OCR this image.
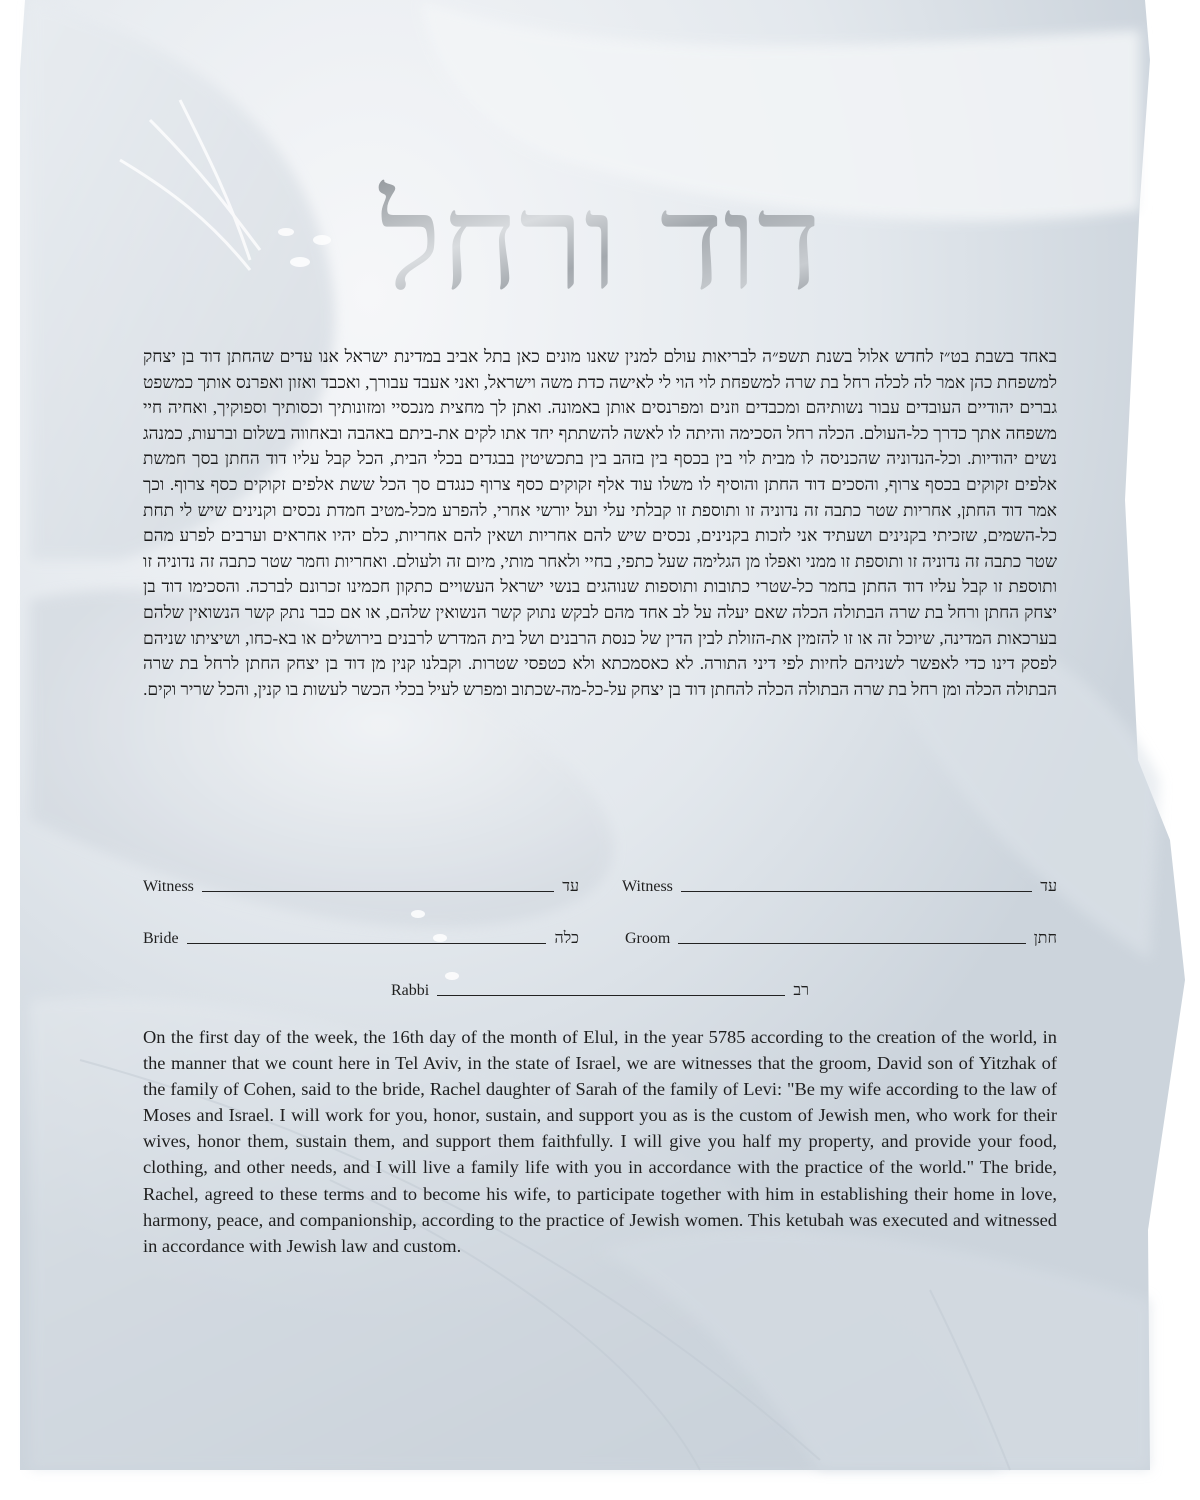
דוד ורחל
באחד בשבת בט״ז לחדש אלול בשנת תשפ״ה לבריאות עולם למנין שאנו מונים כאן בתל אביב במדינת ישראל אנו עדים שהחתן דוד בן יצחק למשפחת כהן אמר לה לכלה רחל בת שרה למשפחת לוי הוי לי לאישה כדת משה וישראל, ואני אעבד עבורך, ואכבד ואזון ואפרנס אותך כמשפט גברים יהודיים העובדים עבור נשותיהם ומכבדים וזנים ומפרנסים אותן באמונה. ואתן לך מחצית מנכסיי ומזונותיך וכסותיך וספוקיך, ואחיה חיי משפחה אתך כדרך כל-העולם. הכלה רחל הסכימה והיתה לו לאשה להשתתף יחד אתו לקים את-ביתם באהבה ובאחווה בשלום וברעות, כמנהג נשים יהודיות. וכל-הנדוניה שהכניסה לו מבית לוי בין בכסף בין בזהב בין בתכשיטין בבגדים בכלי הבית, הכל קבל עליו דוד החתן בסך חמשת אלפים זקוקים בכסף צרוף, והסכים דוד החתן והוסיף לו משלו עוד אלף זקוקים כסף צרוף כנגדם סך הכל ששת אלפים זקוקים כסף צרוף. וכך אמר דוד החתן, אחריות שטר כתבה זה נדוניה זו ותוספת זו קבלתי עלי ועל יורשי אחרי, להפרע מכל-מטיב חמדת נכסים וקנינים שיש לי תחת כל-השמים, שזכיתי בקנינים ושעתיד אני לזכות בקנינים, נכסים שיש להם אחריות ושאין להם אחריות, כלם יהיו אחראים וערבים לפרע מהם שטר כתבה זה נדוניה זו ותוספת זו ממני ואפלו מן הגלימה שעל כתפי, בחיי ולאחר מותי, מיום זה ולעולם. ואחריות וחמר שטר כתבה זה נדוניה זו ותוספת זו קבל עליו דוד החתן בחמר כל-שטרי כתובות ותוספות שנוהגים בנשי ישראל העשויים כתקון חכמינו זכרונם לברכה. והסכימו דוד בן יצחק החתן ורחל בת שרה הבתולה הכלה שאם יעלה על לב אחד מהם לבקש נתוק קשר הנשואין שלהם, או אם כבר נתק קשר הנשואין שלהם בערכאות המדינה, שיוכל זה או זו להזמין את-הזולת לבין הדין של כנסת הרבנים ושל בית המדרש לרבנים בירושלים או בא-כחו, ושיציתו שניהם לפסק דינו כדי לאפשר לשניהם לחיות לפי דיני התורה. לא כאסמכתא ולא כטפסי שטרות. וקבלנו קנין מן דוד בן יצחק החתן לרחל בת שרה הבתולה הכלה ומן רחל בת שרה הבתולה הכלה להחתן דוד בן יצחק על-כל-מה-שכתוב ומפרש לעיל בכלי הכשר לעשות בו קנין, והכל שריר וקים.
Witness	עד	Witness	עד
Bride	כלה	Groom	חתן
Rabbi	רב
On the first day of the week, the 16th day of the month of Elul, in the year 5785 according to the creation of the world, in the manner that we count here in Tel Aviv, in the state of Israel, we are witnesses that the groom, David son of Yitzhak of the family of Cohen, said to the bride, Rachel daughter of Sarah of the family of Levi: "Be my wife according to the law of Moses and Israel. I will work for you, honor, sustain, and support you as is the custom of Jewish men, who work for their wives, honor them, sustain them, and support them faithfully. I will give you half my property, and provide your food, clothing, and other needs, and I will live a family life with you in accordance with the practice of the world." The bride, Rachel, agreed to these terms and to become his wife, to participate together with him in establishing their home in love, harmony, peace, and companionship, according to the practice of Jewish women. This ketubah was executed and witnessed in accordance with Jewish law and custom.
